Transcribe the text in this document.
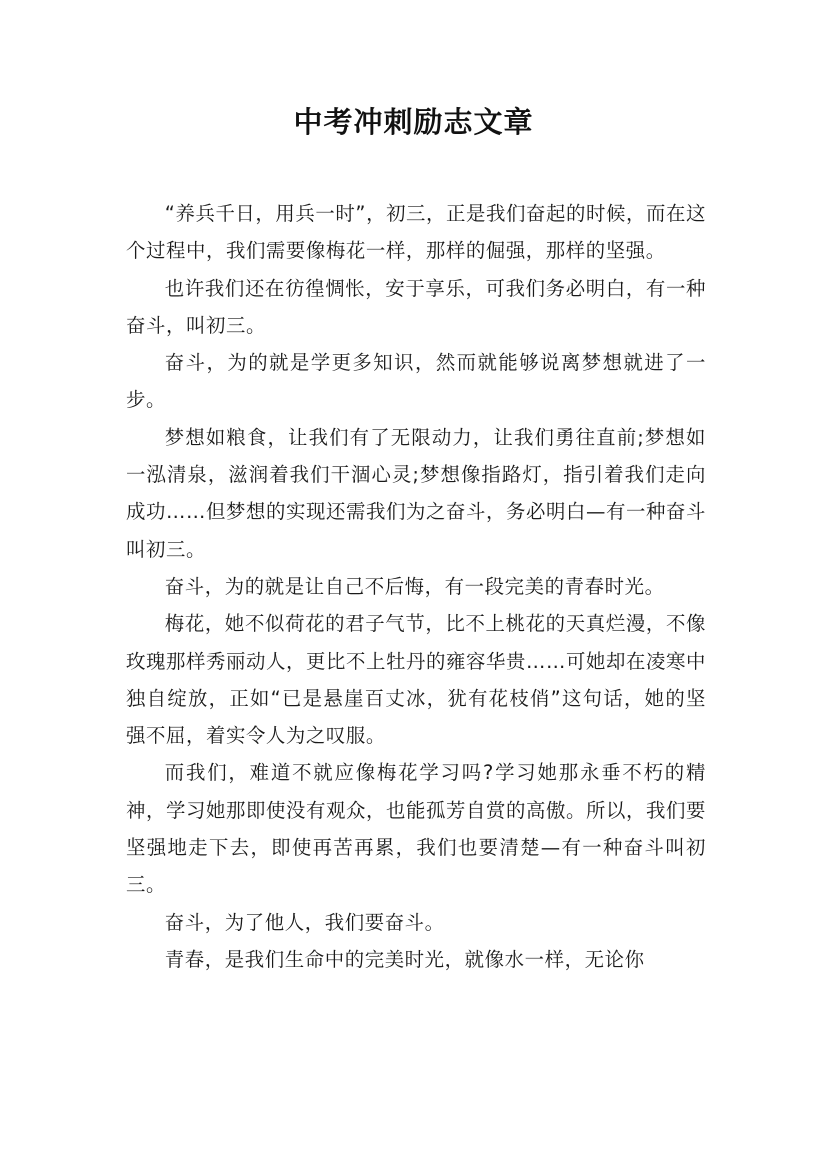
中考冲刺励志文章

“养兵千日，用兵一时”，初三，正是我们奋起的时候，而在这个过程中，我们需要像梅花一样，那样的倔强，那样的坚强。

也许我们还在彷徨惆怅，安于享乐，可我们务必明白，有一种奋斗，叫初三。

奋斗，为的就是学更多知识，然而就能够说离梦想就进了一步。

梦想如粮食，让我们有了无限动力，让我们勇往直前;梦想如一泓清泉，滋润着我们干涸心灵;梦想像指路灯，指引着我们走向成功……但梦想的实现还需我们为之奋斗，务必明白—有一种奋斗叫初三。

奋斗，为的就是让自己不后悔，有一段完美的青春时光。

梅花，她不似荷花的君子气节，比不上桃花的天真烂漫，不像玫瑰那样秀丽动人，更比不上牡丹的雍容华贵……可她却在凌寒中独自绽放，正如“已是悬崖百丈冰，犹有花枝俏”这句话，她的坚强不屈，着实令人为之叹服。

而我们，难道不就应像梅花学习吗?学习她那永垂不朽的精神，学习她那即使没有观众，也能孤芳自赏的高傲。所以，我们要坚强地走下去，即使再苦再累，我们也要清楚—有一种奋斗叫初三。

奋斗，为了他人，我们要奋斗。

青春，是我们生命中的完美时光，就像水一样，无论你
